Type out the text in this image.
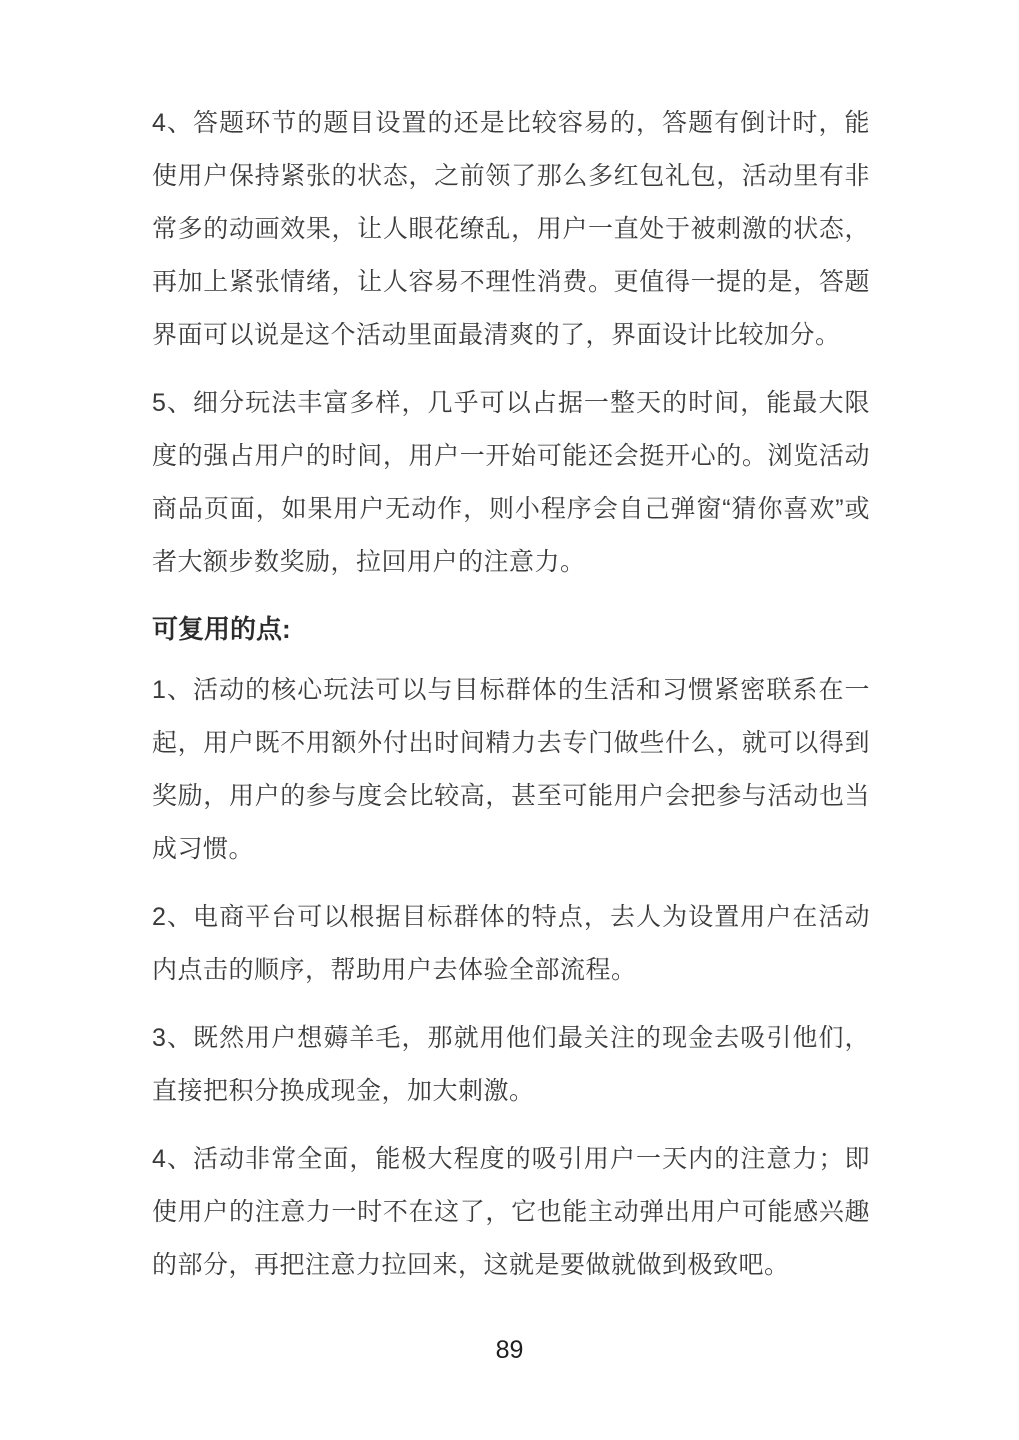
4、答题环节的题目设置的还是比较容易的，答题有倒计时，能使用户保持紧张的状态，之前领了那么多红包礼包，活动里有非常多的动画效果，让人眼花缭乱，用户一直处于被刺激的状态，再加上紧张情绪，让人容易不理性消费。更值得一提的是，答题界面可以说是这个活动里面最清爽的了，界面设计比较加分。

5、细分玩法丰富多样，几乎可以占据一整天的时间，能最大限度的强占用户的时间，用户一开始可能还会挺开心的。浏览活动商品页面，如果用户无动作，则小程序会自己弹窗“猜你喜欢”或者大额步数奖励，拉回用户的注意力。

可复用的点:

1、活动的核心玩法可以与目标群体的生活和习惯紧密联系在一起，用户既不用额外付出时间精力去专门做些什么，就可以得到奖励，用户的参与度会比较高，甚至可能用户会把参与活动也当成习惯。

2、电商平台可以根据目标群体的特点，去人为设置用户在活动内点击的顺序，帮助用户去体验全部流程。

3、既然用户想薅羊毛，那就用他们最关注的现金去吸引他们，直接把积分换成现金，加大刺激。

4、活动非常全面，能极大程度的吸引用户一天内的注意力；即使用户的注意力一时不在这了，它也能主动弹出用户可能感兴趣的部分，再把注意力拉回来，这就是要做就做到极致吧。

89
